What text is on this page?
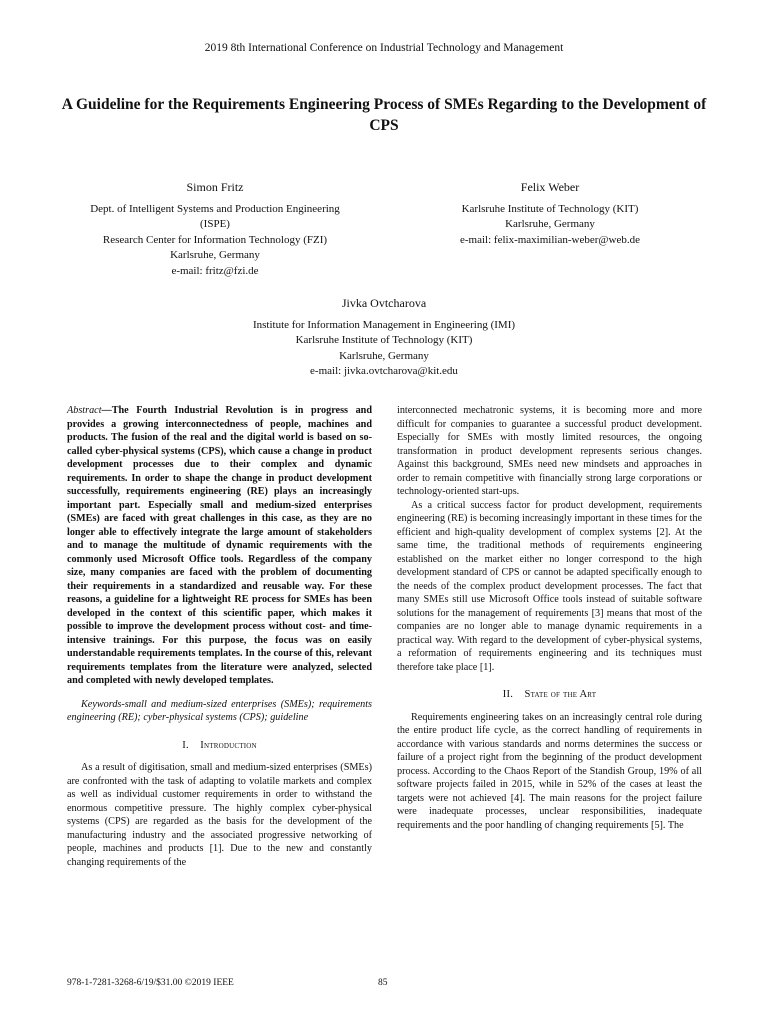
2019 8th International Conference on Industrial Technology and Management
A Guideline for the Requirements Engineering Process of SMEs Regarding to the Development of CPS
Simon Fritz
Dept. of Intelligent Systems and Production Engineering
(ISPE)
Research Center for Information Technology (FZI)
Karlsruhe, Germany
e-mail: fritz@fzi.de
Felix Weber
Karlsruhe Institute of Technology (KIT)
Karlsruhe, Germany
e-mail: felix-maximilian-weber@web.de
Jivka Ovtcharova
Institute for Information Management in Engineering (IMI)
Karlsruhe Institute of Technology (KIT)
Karlsruhe, Germany
e-mail: jivka.ovtcharova@kit.edu

Abstract—The Fourth Industrial Revolution is in progress and provides a growing interconnectedness of people, machines and products. The fusion of the real and the digital world is based on so-called cyber-physical systems (CPS), which cause a change in product development processes due to their complex and dynamic requirements. In order to shape the change in product development successfully, requirements engineering (RE) plays an increasingly important part. Especially small and medium-sized enterprises (SMEs) are faced with great challenges in this case, as they are no longer able to effectively integrate the large amount of stakeholders and to manage the multitude of dynamic requirements with the commonly used Microsoft Office tools. Regardless of the company size, many companies are faced with the problem of documenting their requirements in a standardized and reusable way. For these reasons, a guideline for a lightweight RE process for SMEs has been developed in the context of this scientific paper, which makes it possible to improve the development process without cost- and time-intensive trainings. For this purpose, the focus was on easily understandable requirements templates. In the course of this, relevant requirements templates from the literature were analyzed, selected and completed with newly developed templates.

Keywords-small and medium-sized enterprises (SMEs); requirements engineering (RE); cyber-physical systems (CPS); guideline

I. Introduction

As a result of digitisation, small and medium-sized enterprises (SMEs) are confronted with the task of adapting to volatile markets and complex as well as individual customer requirements in order to withstand the enormous competitive pressure. The highly complex cyber-physical systems (CPS) are regarded as the basis for the development of the manufacturing industry and the associated progressive networking of people, machines and products [1]. Due to the new and constantly changing requirements of the

interconnected mechatronic systems, it is becoming more and more difficult for companies to guarantee a successful product development. Especially for SMEs with mostly limited resources, the ongoing transformation in product development represents serious changes. Against this background, SMEs need new mindsets and approaches in order to remain competitive with financially strong large corporations or technology-oriented start-ups.

As a critical success factor for product development, requirements engineering (RE) is becoming increasingly important in these times for the efficient and high-quality development of complex systems [2]. At the same time, the traditional methods of requirements engineering established on the market either no longer correspond to the high development standard of CPS or cannot be adapted specifically enough to the needs of the complex product development processes. The fact that many SMEs still use Microsoft Office tools instead of suitable software solutions for the management of requirements [3] means that most of the companies are no longer able to manage dynamic requirements in a practical way. With regard to the development of cyber-physical systems, a reformation of requirements engineering and its techniques must therefore take place [1].

II. State of the Art

Requirements engineering takes on an increasingly central role during the entire product life cycle, as the correct handling of requirements in accordance with various standards and norms determines the success or failure of a project right from the beginning of the product development process. According to the Chaos Report of the Standish Group, 19% of all software projects failed in 2015, while in 52% of the cases at least the targets were not achieved [4]. The main reasons for the project failure were inadequate processes, unclear responsibilities, inadequate requirements and the poor handling of changing requirements [5]. The

978-1-7281-3268-6/19/$31.00 ©2019 IEEE	85
